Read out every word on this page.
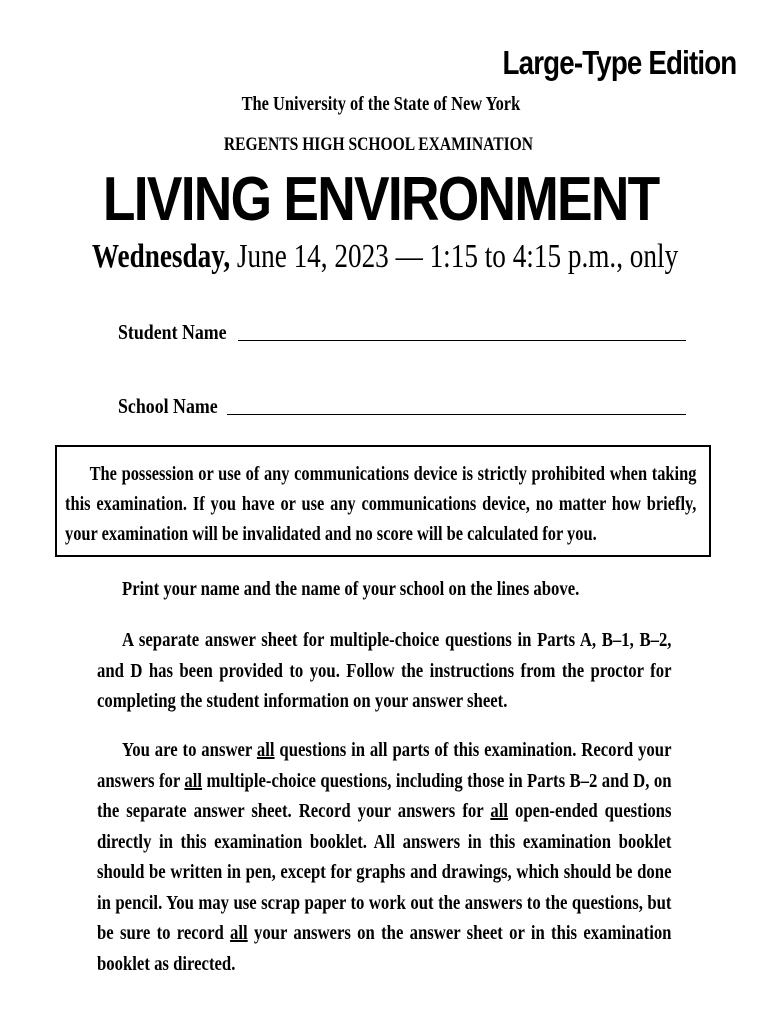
Large-Type Edition
The University of the State of New York
REGENTS HIGH SCHOOL EXAMINATION
LIVING ENVIRONMENT
Wednesday, June 14, 2023 — 1:15 to 4:15 p.m., only
Student Name
School Name
The possession or use of any communications device is strictly prohibited when taking this examination. If you have or use any communications device, no matter how briefly, your examination will be invalidated and no score will be calculated for you.
Print your name and the name of your school on the lines above.
A separate answer sheet for multiple-choice questions in Parts A, B–1, B–2, and D has been provided to you. Follow the instructions from the proctor for completing the student information on your answer sheet.
You are to answer all questions in all parts of this examination. Record your answers for all multiple-choice questions, including those in Parts B–2 and D, on the separate answer sheet. Record your answers for all open-ended questions directly in this examination booklet. All answers in this examination booklet should be written in pen, except for graphs and drawings, which should be done in pencil. You may use scrap paper to work out the answers to the questions, but be sure to record all your answers on the answer sheet or in this examination booklet as directed.
